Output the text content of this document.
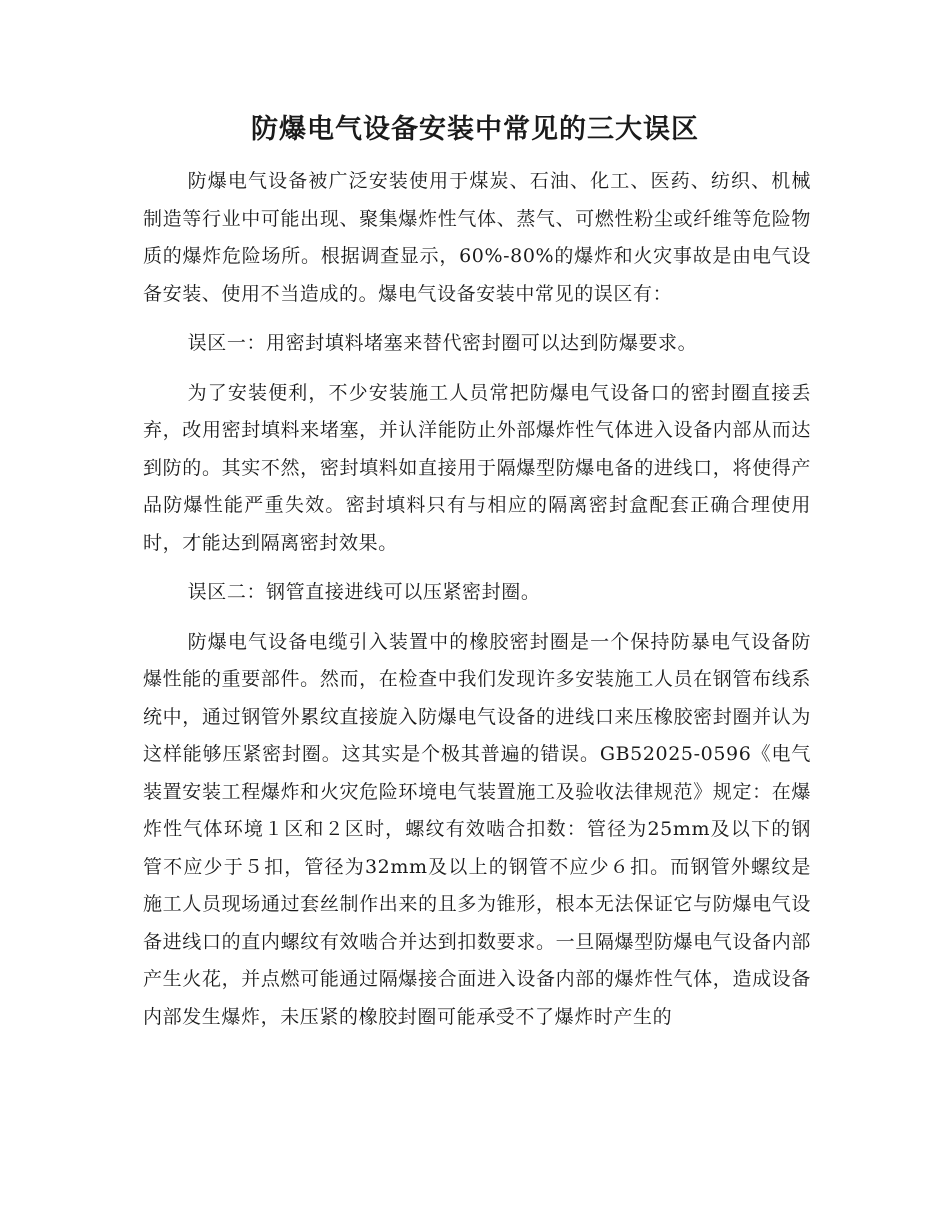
防爆电气设备安装中常见的三大误区

防爆电气设备被广泛安装使用于煤炭、石油、化工、医药、纺织、机械制造等行业中可能出现、聚集爆炸性气体、蒸气、可燃性粉尘或纤维等危险物质的爆炸危险场所。根据调查显示，60%-80%的爆炸和火灾事故是由电气设备安装、使用不当造成的。爆电气设备安装中常见的误区有：

误区一：用密封填料堵塞来替代密封圈可以达到防爆要求。

为了安装便利，不少安装施工人员常把防爆电气设备口的密封圈直接丢弃，改用密封填料来堵塞，并认洋能防止外部爆炸性气体进入设备内部从而达到防的。其实不然，密封填料如直接用于隔爆型防爆电备的进线口，将使得产品防爆性能严重失效。密封填料只有与相应的隔离密封盒配套正确合理使用时，才能达到隔离密封效果。

误区二：钢管直接进线可以压紧密封圈。

防爆电气设备电缆引入装置中的橡胶密封圈是一个保持防暴电气设备防爆性能的重要部件。然而，在检查中我们发现许多安装施工人员在钢管布线系统中，通过钢管外累纹直接旋入防爆电气设备的进线口来压橡胶密封圈并认为这样能够压紧密封圈。这其实是个极其普遍的错误。GB52025-0596《电气装置安装工程爆炸和火灾危险环境电气装置施工及验收法律规范》规定：在爆炸性气体环境１区和２区时，螺纹有效啮合扣数：管径为25mm及以下的钢管不应少于５扣，管径为32mm及以上的钢管不应少６扣。而钢管外螺纹是施工人员现场通过套丝制作出来的且多为锥形，根本无法保证它与防爆电气设备进线口的直内螺纹有效啮合并达到扣数要求。一旦隔爆型防爆电气设备内部产生火花，并点燃可能通过隔爆接合面进入设备内部的爆炸性气体，造成设备内部发生爆炸，未压紧的橡胶封圈可能承受不了爆炸时产生的
